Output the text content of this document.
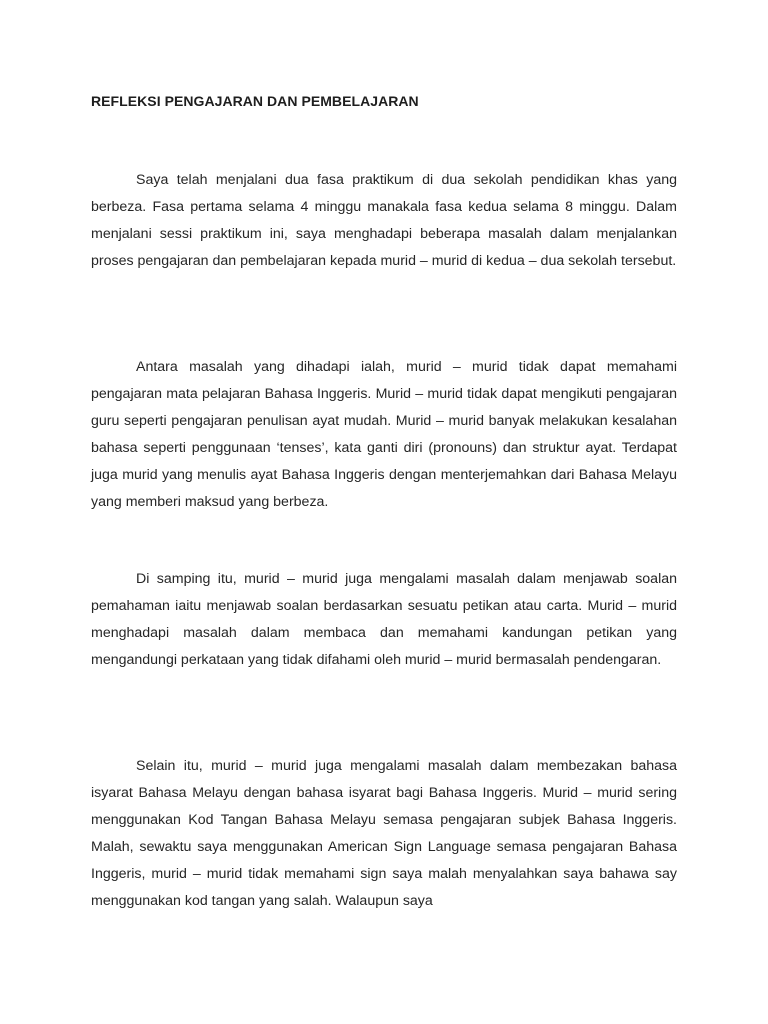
REFLEKSI PENGAJARAN DAN PEMBELAJARAN

Saya telah menjalani dua fasa praktikum di dua sekolah pendidikan khas yang berbeza. Fasa pertama selama 4 minggu manakala fasa kedua selama 8 minggu. Dalam menjalani sessi praktikum ini, saya menghadapi beberapa masalah dalam menjalankan proses pengajaran dan pembelajaran kepada murid – murid di kedua – dua sekolah tersebut.

Antara masalah yang dihadapi ialah, murid – murid tidak dapat memahami pengajaran mata pelajaran Bahasa Inggeris. Murid – murid tidak dapat mengikuti pengajaran guru seperti pengajaran penulisan ayat mudah. Murid – murid banyak melakukan kesalahan bahasa seperti penggunaan ‘tenses’, kata ganti diri (pronouns) dan struktur ayat. Terdapat juga murid yang menulis ayat Bahasa Inggeris dengan menterjemahkan dari Bahasa Melayu yang memberi maksud yang berbeza.

Di samping itu, murid – murid juga mengalami masalah dalam menjawab soalan pemahaman iaitu menjawab soalan berdasarkan sesuatu petikan atau carta. Murid – murid menghadapi masalah dalam membaca dan memahami kandungan petikan yang mengandungi perkataan yang tidak difahami oleh murid – murid bermasalah pendengaran.

Selain itu, murid – murid juga mengalami masalah dalam membezakan bahasa isyarat Bahasa Melayu dengan bahasa isyarat bagi Bahasa Inggeris. Murid – murid sering menggunakan Kod Tangan Bahasa Melayu semasa pengajaran subjek Bahasa Inggeris. Malah, sewaktu saya menggunakan American Sign Language semasa pengajaran Bahasa Inggeris, murid – murid tidak memahami sign saya malah menyalahkan saya bahawa say menggunakan kod tangan yang salah. Walaupun saya
